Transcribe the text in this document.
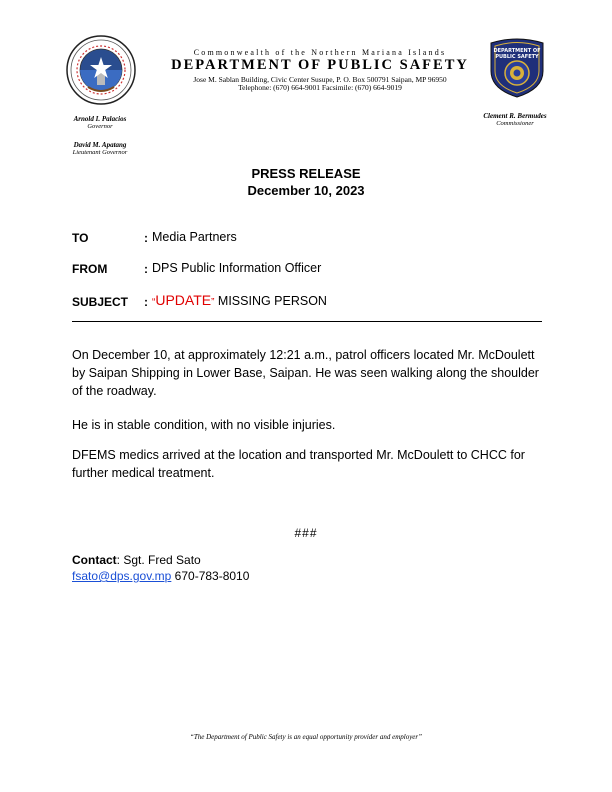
DEPARTMENT OF
PUBLIC SAFETY
Commonwealth of the Northern Mariana Islands
DEPARTMENT OF PUBLIC SAFETY
Jose M. Sablan Building, Civic Center Susupe, P. O. Box 500791 Saipan, MP 96950
Telephone: (670) 664-9001 Facsimile: (670) 664-9019
Arnold I. Palacios
Governor
David M. Apatang
Lieutenant Governor
Clement R. Bermudes
Commissioner
PRESS RELEASE
December 10, 2023
TO	: Media Partners
FROM	: DPS Public Information Officer
SUBJECT : “UPDATE” MISSING PERSON
On December 10, at approximately 12:21 a.m., patrol officers located Mr. McDoulett by Saipan Shipping in Lower Base, Saipan. He was seen walking along the shoulder of the roadway.
He is in stable condition, with no visible injuries.
DFEMS medics arrived at the location and transported Mr. McDoulett to CHCC for further medical treatment.
###
Contact: Sgt. Fred Sato
fsato@dps.gov.mp 670-783-8010
“The Department of Public Safety is an equal opportunity provider and employer”
